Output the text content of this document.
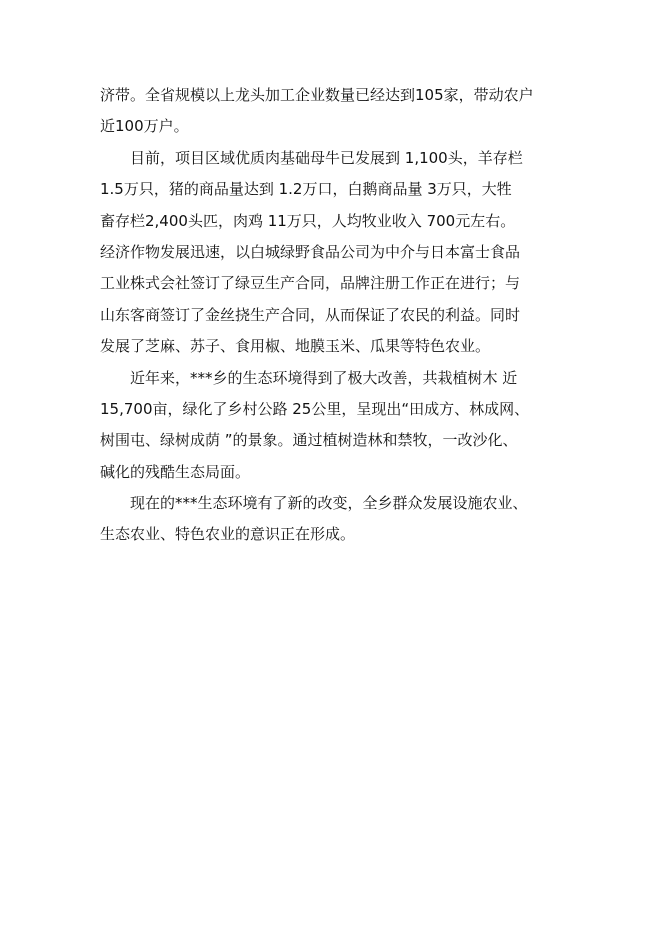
济带。全省规模以上龙头加工企业数量已经达到105家，带动农户
近100万户。
目前，项目区域优质肉基础母牛已发展到 1,100头，羊存栏
1.5万只，猪的商品量达到 1.2万口，白鹅商品量 3万只，大牲
畜存栏2,400头匹，肉鸡 11万只，人均牧业收入 700元左右。
经济作物发展迅速，以白城绿野食品公司为中介与日本富士食品
工业株式会社签订了绿豆生产合同，品牌注册工作正在进行；与
山东客商签订了金丝挠生产合同，从而保证了农民的利益。同时
发展了芝麻、苏子、食用椒、地膜玉米、瓜果等特色农业。
近年来，***乡的生态环境得到了极大改善，共栽植树木 近
15,700亩，绿化了乡村公路 25公里，呈现出“田成方、林成网、
树围屯、绿树成荫 ”的景象。通过植树造林和禁牧，一改沙化、
碱化的残酷生态局面。
现在的***生态环境有了新的改变，全乡群众发展设施农业、
生态农业、特色农业的意识正在形成。
